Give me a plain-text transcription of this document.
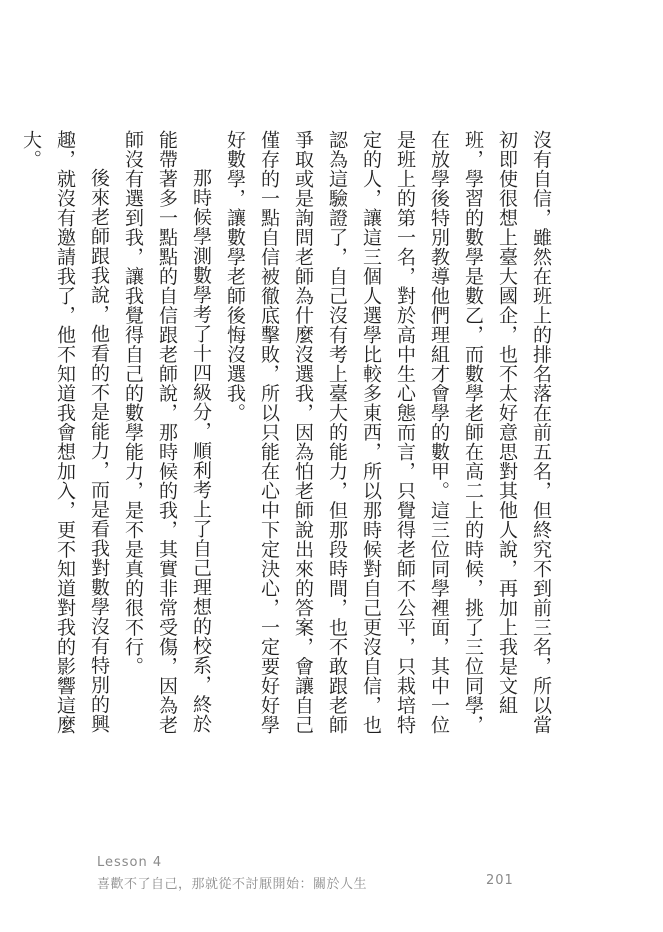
沒有自信，雖然在班上的排名落在前五名，但終究不到前三名，所以當初即使很想上臺大國企，也不太好意思對其他人說，再加上我是文組班，學習的數學是數乙，而數學老師在高二上的時候，挑了三位同學，在放學後特別教導他們理組才會學的數甲。這三位同學裡面，其中一位是班上的第一名，對於高中生心態而言，只覺得老師不公平，只栽培特定的人，讓這三個人選學比較多東西，所以那時候對自己更沒自信，也認為這驗證了，自己沒有考上臺大的能力，但那段時間，也不敢跟老師爭取或是詢問老師為什麼沒選我，因為怕老師說出來的答案，會讓自己僅存的一點自信被徹底擊敗，所以只能在心中下定決心，一定要好好學好數學，讓數學老師後悔沒選我。

那時候學測數學考了十四級分，順利考上了自己理想的校系，終於能帶著多一點點的自信跟老師說，那時候的我，其實非常受傷，因為老師沒有選到我，讓我覺得自己的數學能力，是不是真的很不行。

後來老師跟我說，他看的不是能力，而是看我對數學沒有特別的興趣，就沒有邀請我了，他不知道我會想加入，更不知道對我的影響這麼大。

Lesson 4
喜歡不了自己，那就從不討厭開始：關於人生	201
